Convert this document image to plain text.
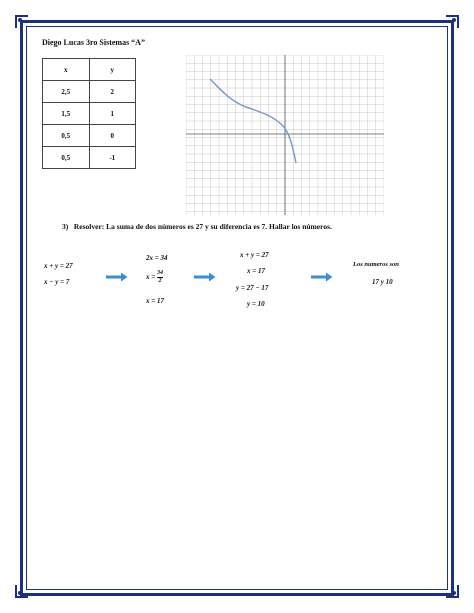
Diego Lucas 3ro Sistemas “A”
x	y
2,5	2
1,5	1
0,5	0
0,5	-1
3) Resolver: La suma de dos números es 27 y su diferencia es 7. Hallar los números.
x + y = 27
x − y = 7
2x = 34
$x = \frac{34}{2}$
x = 17
x + y = 27
x = 17
y = 27 − 17
y = 10
Los numeros son
17 y 10
